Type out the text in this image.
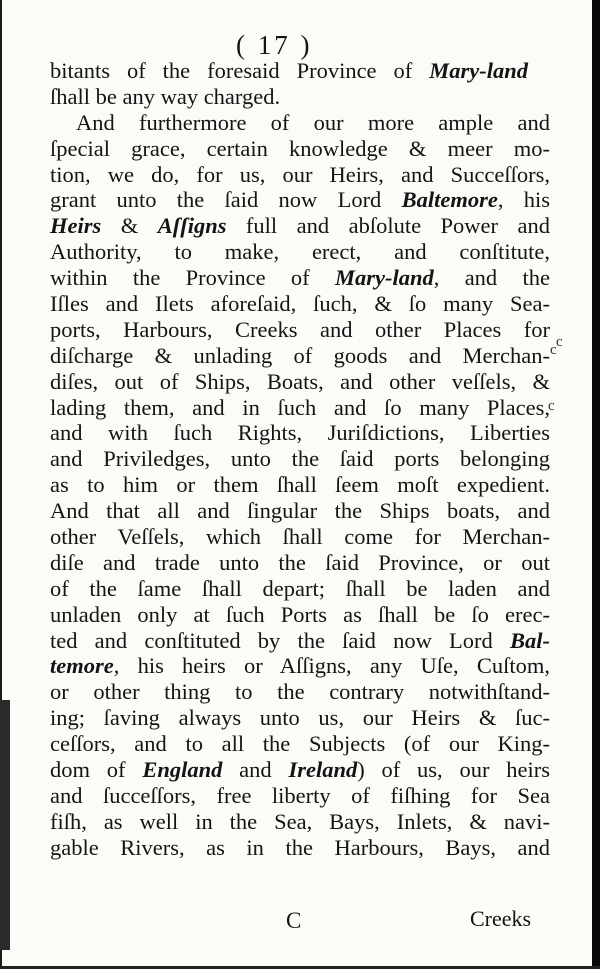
( 17 )
bitants of the foresaid Province of Mary-land
ſhall be any way charged.
And furthermore of our more ample and
ſpecial grace, certain knowledge & meer mo-
tion, we do, for us, our Heirs, and Succeſſors,
grant unto the ſaid now Lord Baltemore, his
Heirs & Aſſigns full and abſolute Power and
Authority, to make, erect, and conſtitute,
within the Province of Mary-land, and the
Iſles and Ilets aforeſaid, ſuch, & ſo many Sea-
ports, Harbours, Creeks and other Places for
diſcharge & unlading of goods and Merchan-
diſes, out of Ships, Boats, and other veſſels, &
lading them, and in ſuch and ſo many Places,
and with ſuch Rights, Juriſdictions, Liberties
and Priviledges, unto the ſaid ports belonging
as to him or them ſhall ſeem moſt expedient.
And that all and ſingular the Ships boats, and
other Veſſels, which ſhall come for Merchan-
diſe and trade unto the ſaid Province, or out
of the ſame ſhall depart; ſhall be laden and
unladen only at ſuch Ports as ſhall be ſo erec-
ted and conſtituted by the ſaid now Lord Bal-
temore, his heirs or Aſſigns, any Uſe, Cuſtom,
or other thing to the contrary notwithſtand-
ing; ſaving always unto us, our Heirs & ſuc-
ceſſors, and to all the Subjects (of our King-
dom of England and Ireland) of us, our heirs
and ſucceſſors, free liberty of fiſhing for Sea
fiſh, as well in the Sea, Bays, Inlets, & navi-
gable Rivers, as in the Harbours, Bays, and
c
c
c
C	Creeks
